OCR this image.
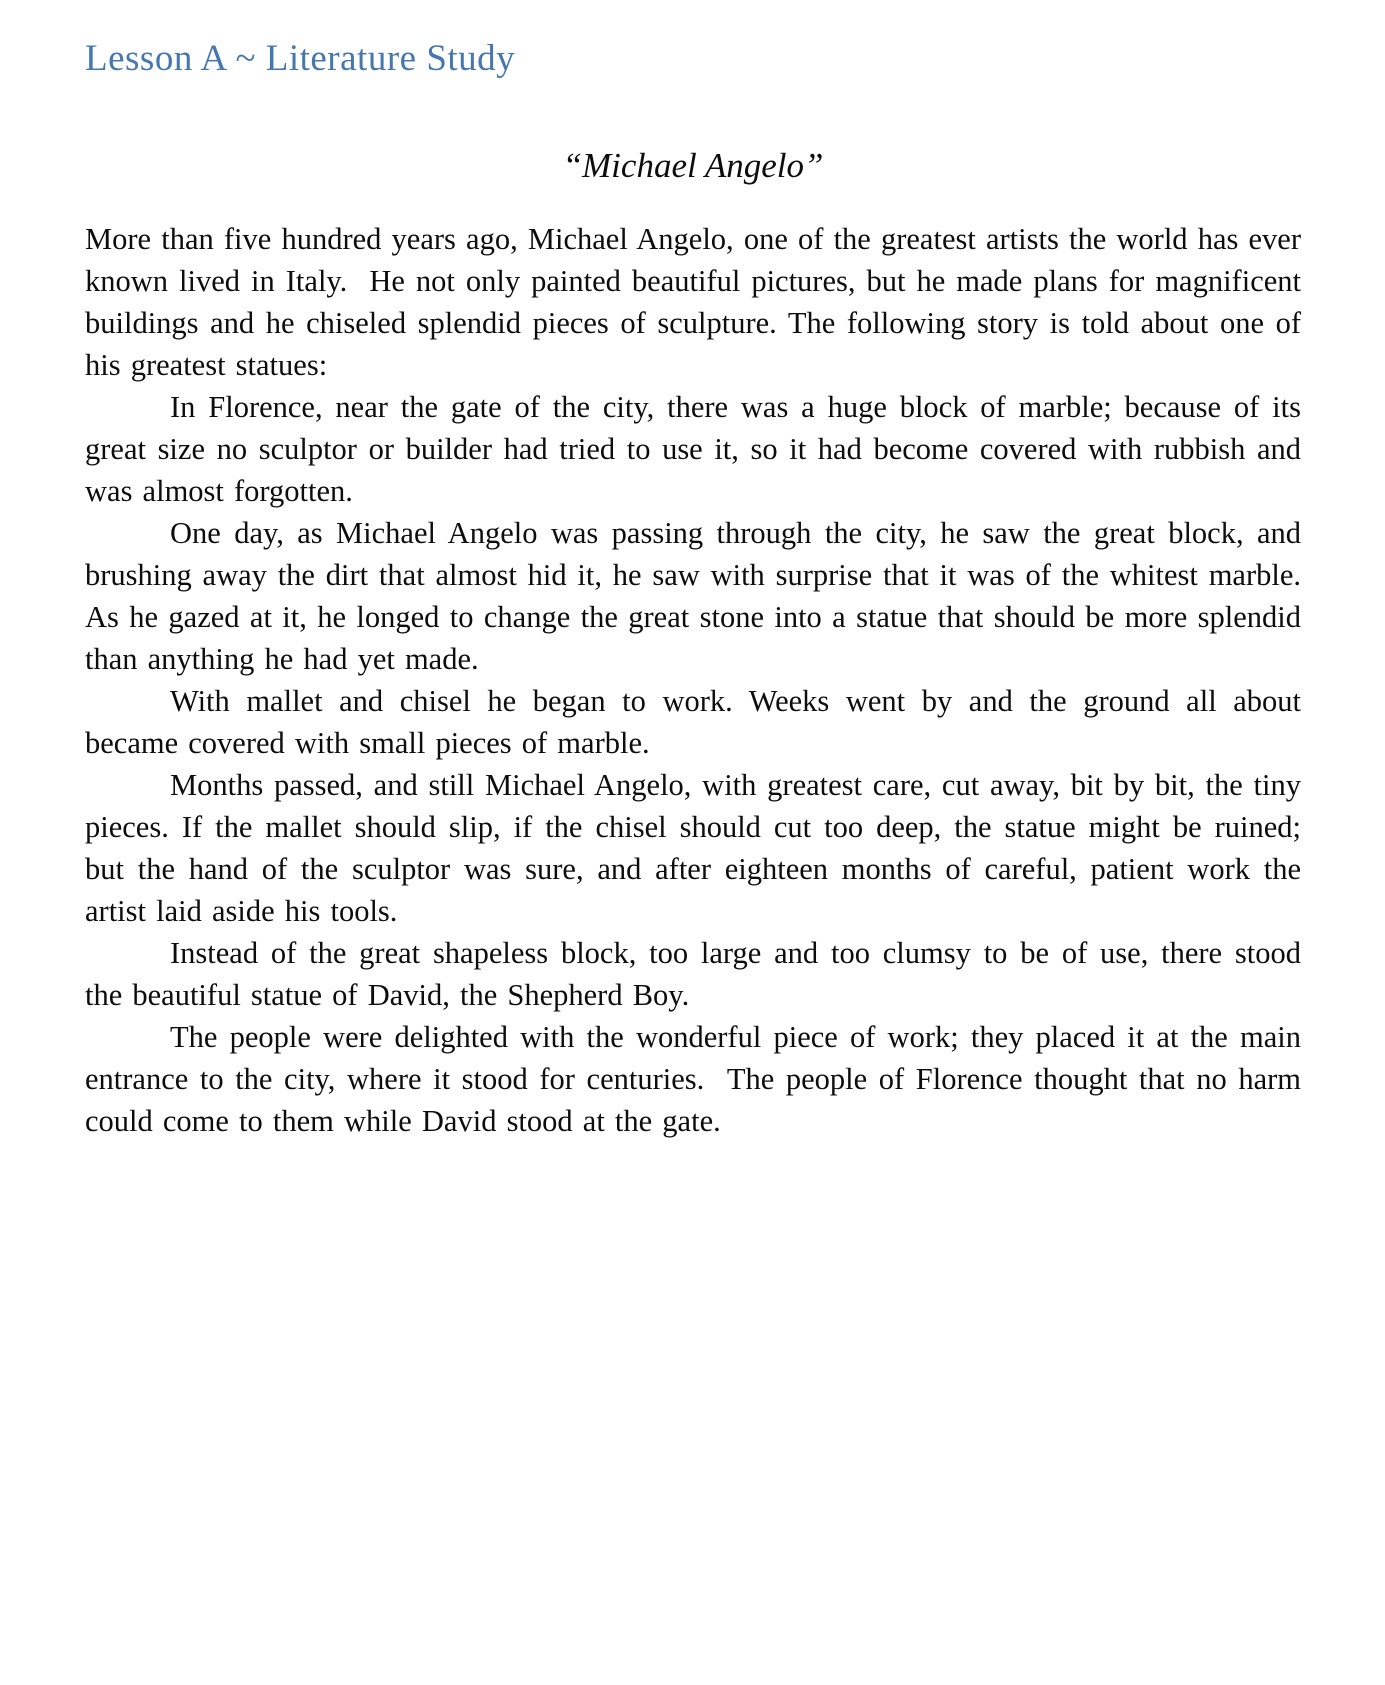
Lesson A ~ Literature Study
“Michael Angelo”

More than five hundred years ago, Michael Angelo, one of the greatest artists the world has ever known lived in Italy.  He not only painted beautiful pictures, but he made plans for magnificent buildings and he chiseled splendid pieces of sculpture. The following story is told about one of his greatest statues:

In Florence, near the gate of the city, there was a huge block of marble; because of its great size no sculptor or builder had tried to use it, so it had become covered with rubbish and was almost forgotten.

One day, as Michael Angelo was passing through the city, he saw the great block, and brushing away the dirt that almost hid it, he saw with surprise that it was of the whitest marble. As he gazed at it, he longed to change the great stone into a statue that should be more splendid than anything he had yet made.

With mallet and chisel he began to work. Weeks went by and the ground all about became covered with small pieces of marble.

Months passed, and still Michael Angelo, with greatest care, cut away, bit by bit, the tiny pieces. If the mallet should slip, if the chisel should cut too deep, the statue might be ruined; but the hand of the sculptor was sure, and after eighteen months of careful, patient work the artist laid aside his tools.

Instead of the great shapeless block, too large and too clumsy to be of use, there stood the beautiful statue of David, the Shepherd Boy.

The people were delighted with the wonderful piece of work; they placed it at the main entrance to the city, where it stood for centuries.  The people of Florence thought that no harm could come to them while David stood at the gate.
